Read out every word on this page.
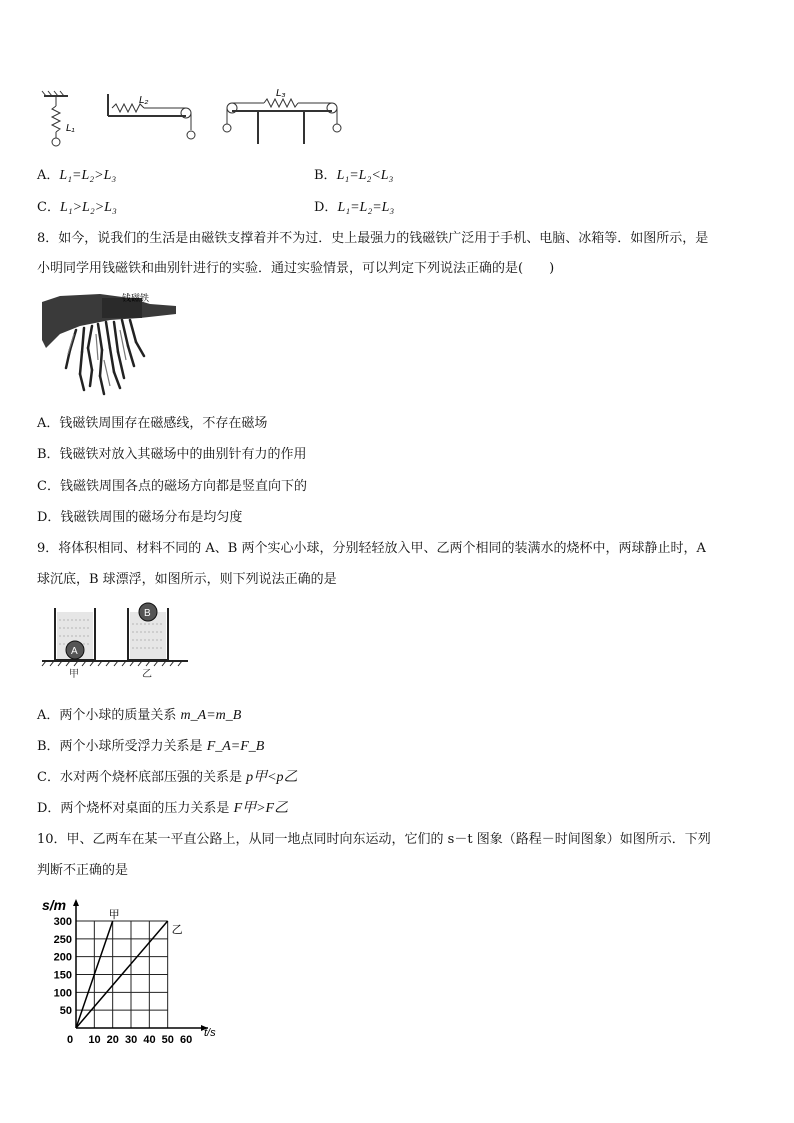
L₁
L₂
L₃
A．L₁=L₂>L₃	B．L₁=L₂<L₃
C．L₁>L₂>L₃	D．L₁=L₂=L₃
8．如今，说我们的生活是由磁铁支撑着并不为过．史上最强力的钱磁铁广泛用于手机、电脑、冰箱等．如图所示，是
小明同学用钱磁铁和曲别针进行的实验．通过实验情景，可以判定下列说法正确的是(　　)
钱磁铁
A．钱磁铁周围存在磁感线，不存在磁场
B．钱磁铁对放入其磁场中的曲别针有力的作用
C．钱磁铁周围各点的磁场方向都是竖直向下的
D．钱磁铁周围的磁场分布是均匀度
9．将体积相同、材料不同的 A、B 两个实心小球，分别轻轻放入甲、乙两个相同的装满水的烧杯中，两球静止时，A
球沉底，B 球漂浮，如图所示，则下列说法正确的是
A
B
甲	乙
A．两个小球的质量关系 m_A=m_B
B．两个小球所受浮力关系是 F_A=F_B
C．水对两个烧杯底部压强的关系是 p甲<p乙
D．两个烧杯对桌面的压力关系是 F甲>F乙
10．甲、乙两车在某一平直公路上，从同一地点同时向东运动，它们的 s－t 图象（路程－时间图象）如图所示．下列
判断不正确的是
0 10 20 30 40 50 60
50
100
150
200
250
300
t/s
s/m
甲
乙
